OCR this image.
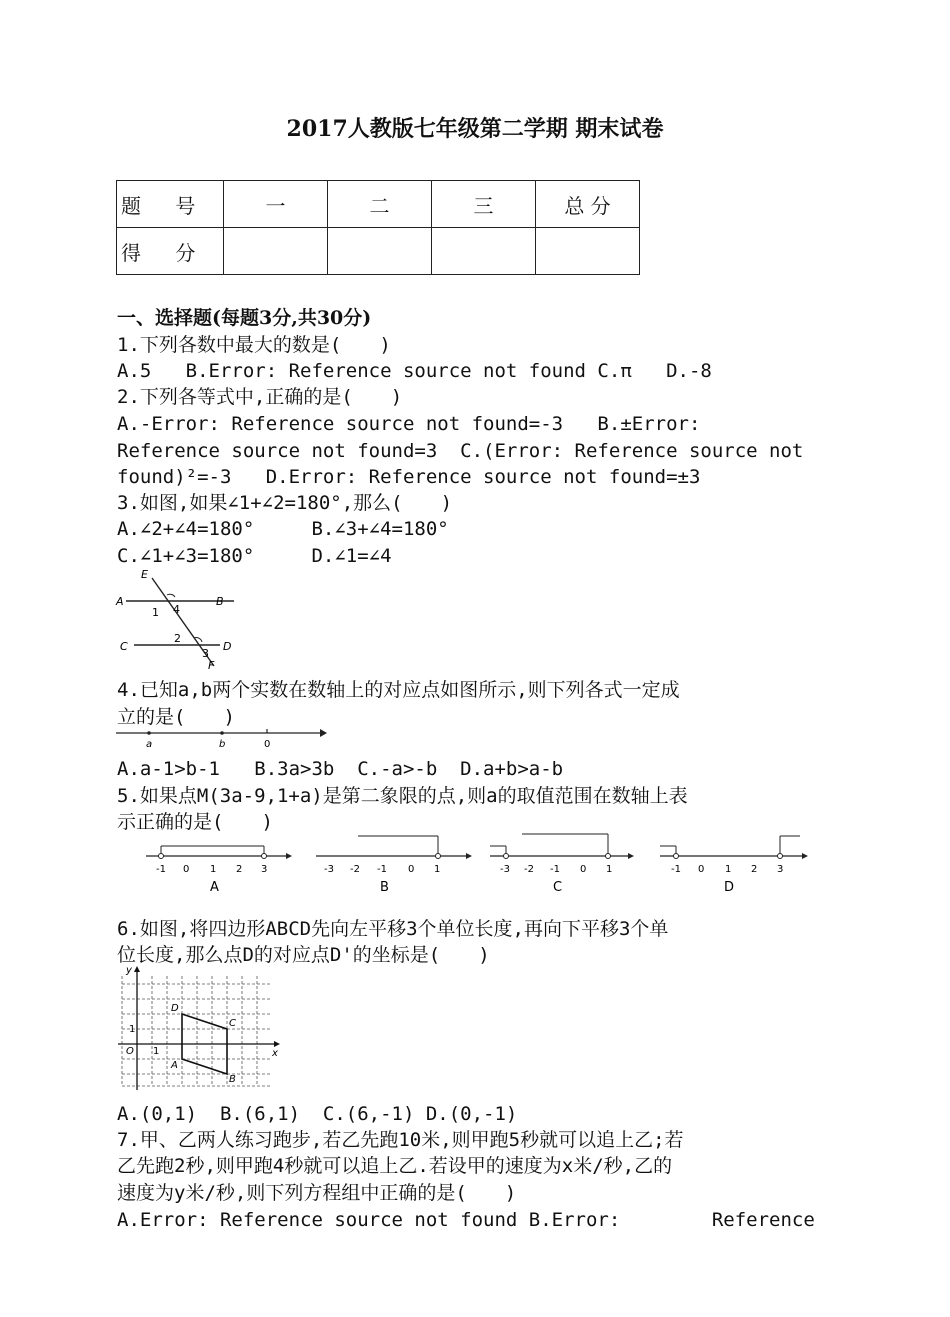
2017人教版七年级第二学期 期末试卷
题 号	一	二	三	总 分
得 分				
一、选择题(每题3分,共30分)
1.下列各数中最大的数是(　　)
A.5   B.Error: Reference source not found C.π   D.-8
2.下列各等式中,正确的是(　　)
A.-Error: Reference source not found=-3   B.±Error:
Reference source not found=3  C.(Error: Reference source not
found)²=-3   D.Error: Reference source not found=±3
3.如图,如果∠1+∠2=180°,那么(　　)
A.∠2+∠4=180°     B.∠3+∠4=180°
C.∠1+∠3=180°     D.∠1=∠4
E
A	B
1 4
C	D
2
3
F
4.已知a,b两个实数在数轴上的对应点如图所示,则下列各式一定成
立的是(　　)
a	b	0
A.a-1>b-1   B.3a>3b  C.-a>-b  D.a+b>a-b
5.如果点M(3a-9,1+a)是第二象限的点,则a的取值范围在数轴上表
示正确的是(　　)
-1 0 1 2 3
A
-3 -2 -1 0 1
B
-3 -2 -1 0 1
C
-1 0 1 2 3
D
6.如图,将四边形ABCD先向左平移3个单位长度,再向下平移3个单
位长度,那么点D的对应点D'的坐标是(　　)
y
x
O 1
1
A
B
C
D
A.(0,1)  B.(6,1)  C.(6,-1) D.(0,-1)
7.甲、乙两人练习跑步,若乙先跑10米,则甲跑5秒就可以追上乙;若
乙先跑2秒,则甲跑4秒就可以追上乙.若设甲的速度为x米/秒,乙的
速度为y米/秒,则下列方程组中正确的是(　　)
A.Error: Reference source not found B.Error:        Reference
